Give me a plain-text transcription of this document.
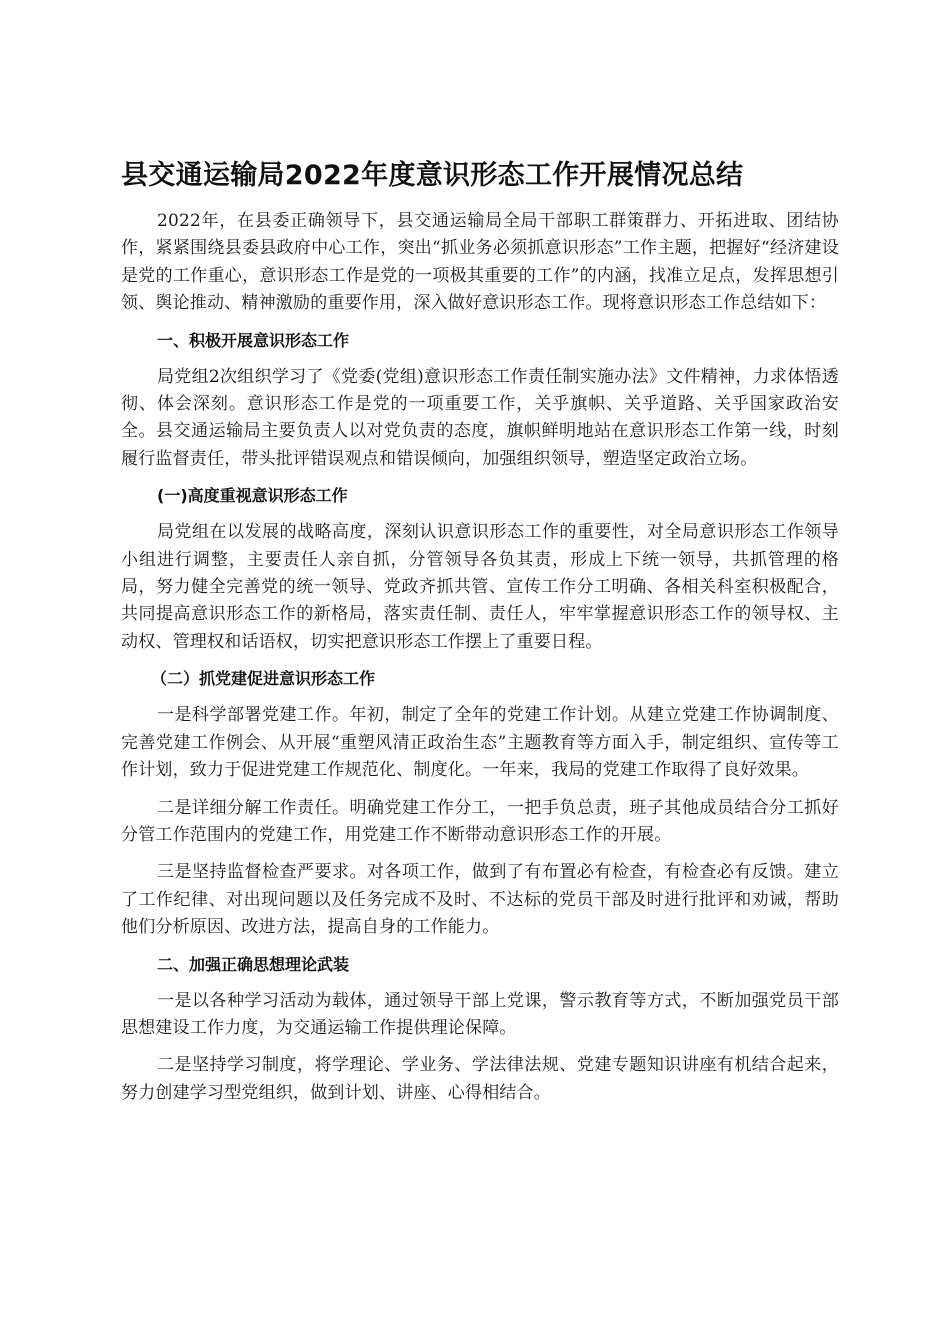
县交通运输局2022年度意识形态工作开展情况总结

2022年，在县委正确领导下，县交通运输局全局干部职工群策群力、开拓进取、团结协作，紧紧围绕县委县政府中心工作，突出“抓业务必须抓意识形态”工作主题，把握好“经济建设是党的工作重心，意识形态工作是党的一项极其重要的工作”的内涵，找准立足点，发挥思想引领、舆论推动、精神激励的重要作用，深入做好意识形态工作。现将意识形态工作总结如下：

一、积极开展意识形态工作

局党组2次组织学习了《党委(党组)意识形态工作责任制实施办法》文件精神，力求体悟透彻、体会深刻。意识形态工作是党的一项重要工作，关乎旗帜、关乎道路、关乎国家政治安全。县交通运输局主要负责人以对党负责的态度，旗帜鲜明地站在意识形态工作第一线，时刻履行监督责任，带头批评错误观点和错误倾向，加强组织领导，塑造坚定政治立场。

(一)高度重视意识形态工作

局党组在以发展的战略高度，深刻认识意识形态工作的重要性，对全局意识形态工作领导小组进行调整，主要责任人亲自抓，分管领导各负其责，形成上下统一领导，共抓管理的格局，努力健全完善党的统一领导、党政齐抓共管、宣传工作分工明确、各相关科室积极配合，共同提高意识形态工作的新格局，落实责任制、责任人，牢牢掌握意识形态工作的领导权、主动权、管理权和话语权，切实把意识形态工作摆上了重要日程。

（二）抓党建促进意识形态工作

一是科学部署党建工作。年初，制定了全年的党建工作计划。从建立党建工作协调制度、完善党建工作例会、从开展“重塑风清正政治生态”主题教育等方面入手，制定组织、宣传等工作计划，致力于促进党建工作规范化、制度化。一年来，我局的党建工作取得了良好效果。

二是详细分解工作责任。明确党建工作分工，一把手负总责，班子其他成员结合分工抓好分管工作范围内的党建工作，用党建工作不断带动意识形态工作的开展。

三是坚持监督检查严要求。对各项工作，做到了有布置必有检查，有检查必有反馈。建立了工作纪律、对出现问题以及任务完成不及时、不达标的党员干部及时进行批评和劝诫，帮助他们分析原因、改进方法，提高自身的工作能力。

二、加强正确思想理论武装

一是以各种学习活动为载体，通过领导干部上党课，警示教育等方式，不断加强党员干部思想建设工作力度，为交通运输工作提供理论保障。

二是坚持学习制度，将学理论、学业务、学法律法规、党建专题知识讲座有机结合起来，努力创建学习型党组织，做到计划、讲座、心得相结合。
